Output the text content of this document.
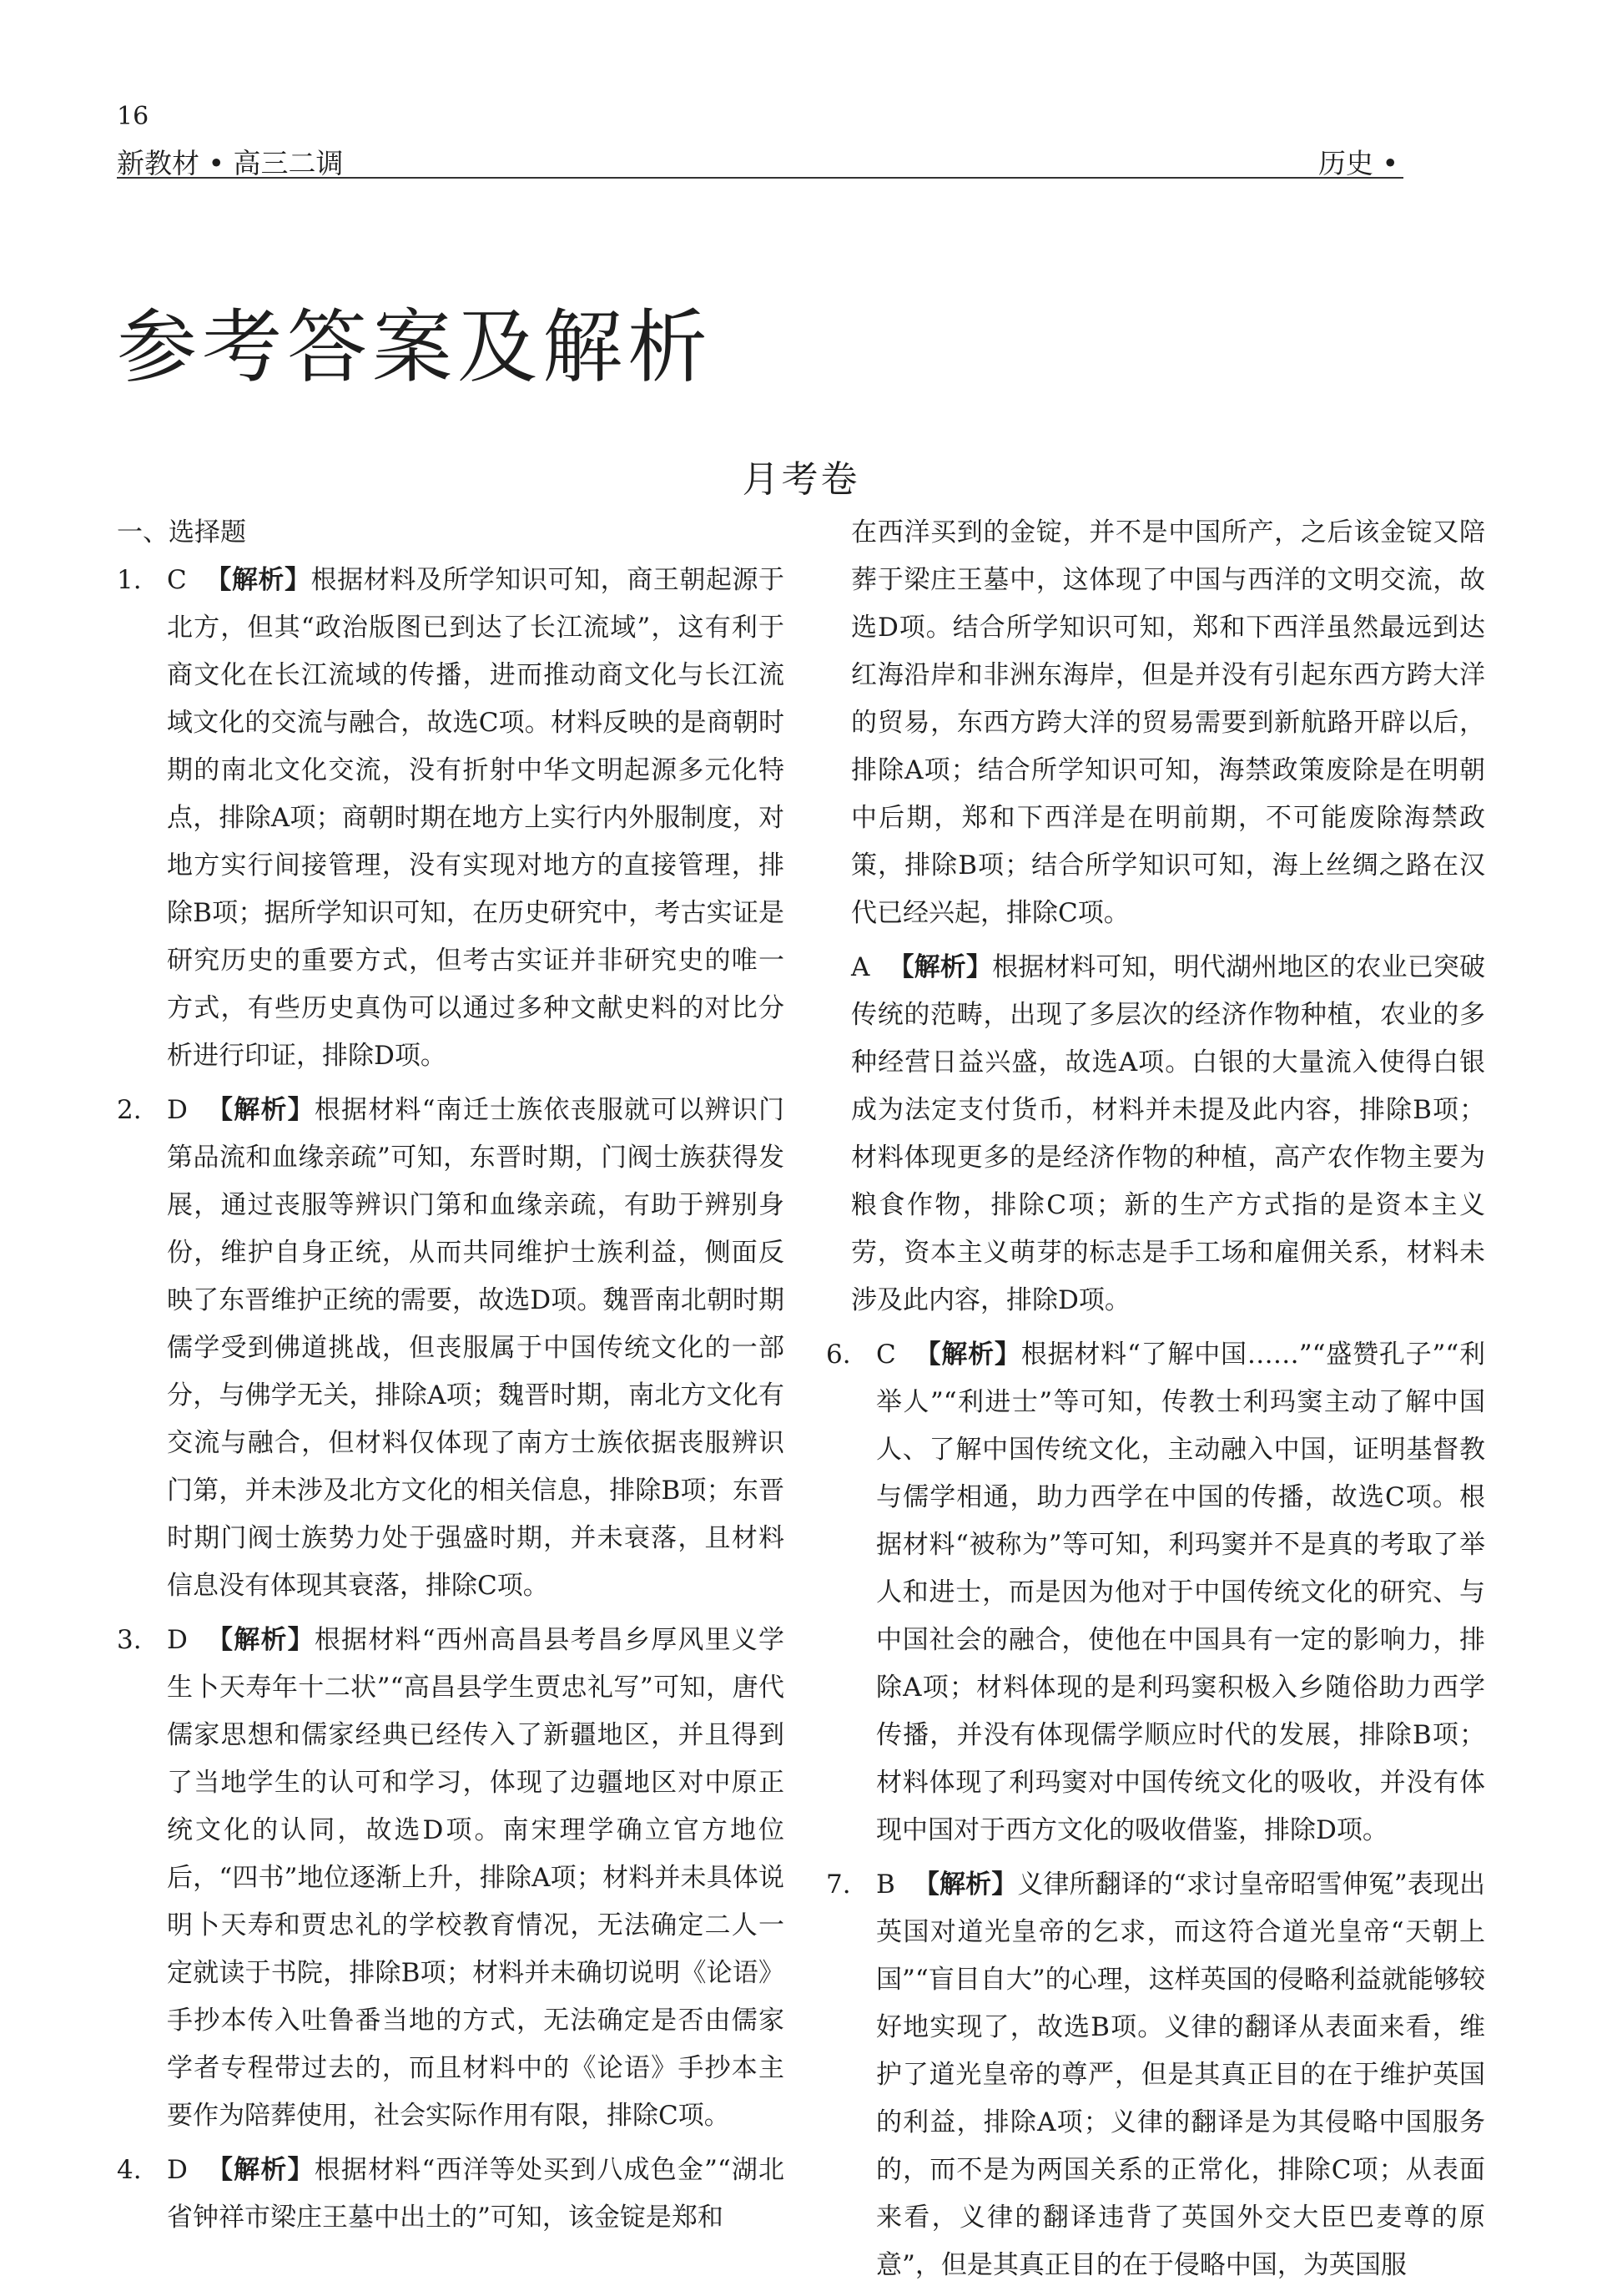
16
新教材 • 高三二调	历史 •
参考答案及解析
月考卷
一、选择题

1. C 【解析】根据材料及所学知识可知，商王朝起源于北方，但其“政治版图已到达了长江流域”，这有利于商文化在长江流域的传播，进而推动商文化与长江流域文化的交流与融合，故选C项。材料反映的是商朝时期的南北文化交流，没有折射中华文明起源多元化特点，排除A项；商朝时期在地方上实行内外服制度，对地方实行间接管理，没有实现对地方的直接管理，排除B项；据所学知识可知，在历史研究中，考古实证是研究历史的重要方式，但考古实证并非研究史的唯一方式，有些历史真伪可以通过多种文献史料的对比分析进行印证，排除D项。

2. D 【解析】根据材料“南迁士族依丧服就可以辨识门第品流和血缘亲疏”可知，东晋时期，门阀士族获得发展，通过丧服等辨识门第和血缘亲疏，有助于辨别身份，维护自身正统，从而共同维护士族利益，侧面反映了东晋维护正统的需要，故选D项。魏晋南北朝时期儒学受到佛道挑战，但丧服属于中国传统文化的一部分，与佛学无关，排除A项；魏晋时期，南北方文化有交流与融合，但材料仅体现了南方士族依据丧服辨识门第，并未涉及北方文化的相关信息，排除B项；东晋时期门阀士族势力处于强盛时期，并未衰落，且材料信息没有体现其衰落，排除C项。

3. D 【解析】根据材料“西州高昌县考昌乡厚风里义学生卜天寿年十二状”“高昌县学生贾忠礼写”可知，唐代儒家思想和儒家经典已经传入了新疆地区，并且得到了当地学生的认可和学习，体现了边疆地区对中原正统文化的认同，故选D项。南宋理学确立官方地位后，“四书”地位逐渐上升，排除A项；材料并未具体说明卜天寿和贾忠礼的学校教育情况，无法确定二人一定就读于书院，排除B项；材料并未确切说明《论语》手抄本传入吐鲁番当地的方式，无法确定是否由儒家学者专程带过去的，而且材料中的《论语》手抄本主要作为陪葬使用，社会实际作用有限，排除C项。

4. D 【解析】根据材料“西洋等处买到八成色金”“湖北省钟祥市梁庄王墓中出土的”可知，该金锭是郑和

在西洋买到的金锭，并不是中国所产，之后该金锭又陪葬于梁庄王墓中，这体现了中国与西洋的文明交流，故选D项。结合所学知识可知，郑和下西洋虽然最远到达红海沿岸和非洲东海岸，但是并没有引起东西方跨大洋的贸易，东西方跨大洋的贸易需要到新航路开辟以后，排除A项；结合所学知识可知，海禁政策废除是在明朝中后期，郑和下西洋是在明前期，不可能废除海禁政策，排除B项；结合所学知识可知，海上丝绸之路在汉代已经兴起，排除C项。

A 【解析】根据材料可知，明代湖州地区的农业已突破传统的范畴，出现了多层次的经济作物种植，农业的多种经营日益兴盛，故选A项。白银的大量流入使得白银成为法定支付货币，材料并未提及此内容，排除B项；材料体现更多的是经济作物的种植，高产农作物主要为粮食作物，排除C项；新的生产方式指的是资本主义劳，资本主义萌芽的标志是手工场和雇佣关系，材料未涉及此内容，排除D项。

6. C 【解析】根据材料“了解中国……”“盛赞孔子”“利举人”“利进士”等可知，传教士利玛窦主动了解中国人、了解中国传统文化，主动融入中国，证明基督教与儒学相通，助力西学在中国的传播，故选C项。根据材料“被称为”等可知，利玛窦并不是真的考取了举人和进士，而是因为他对于中国传统文化的研究、与中国社会的融合，使他在中国具有一定的影响力，排除A项；材料体现的是利玛窦积极入乡随俗助力西学传播，并没有体现儒学顺应时代的发展，排除B项；材料体现了利玛窦对中国传统文化的吸收，并没有体现中国对于西方文化的吸收借鉴，排除D项。

7. B 【解析】义律所翻译的“求讨皇帝昭雪伸冤”表现出英国对道光皇帝的乞求，而这符合道光皇帝“天朝上国”“盲目自大”的心理，这样英国的侵略利益就能够较好地实现了，故选B项。义律的翻译从表面来看，维护了道光皇帝的尊严，但是其真正目的在于维护英国的利益，排除A项；义律的翻译是为其侵略中国服务的，而不是为两国关系的正常化，排除C项；从表面来看，义律的翻译违背了英国外交大臣巴麦尊的原意”，但是其真正目的在于侵略中国，为英国服
